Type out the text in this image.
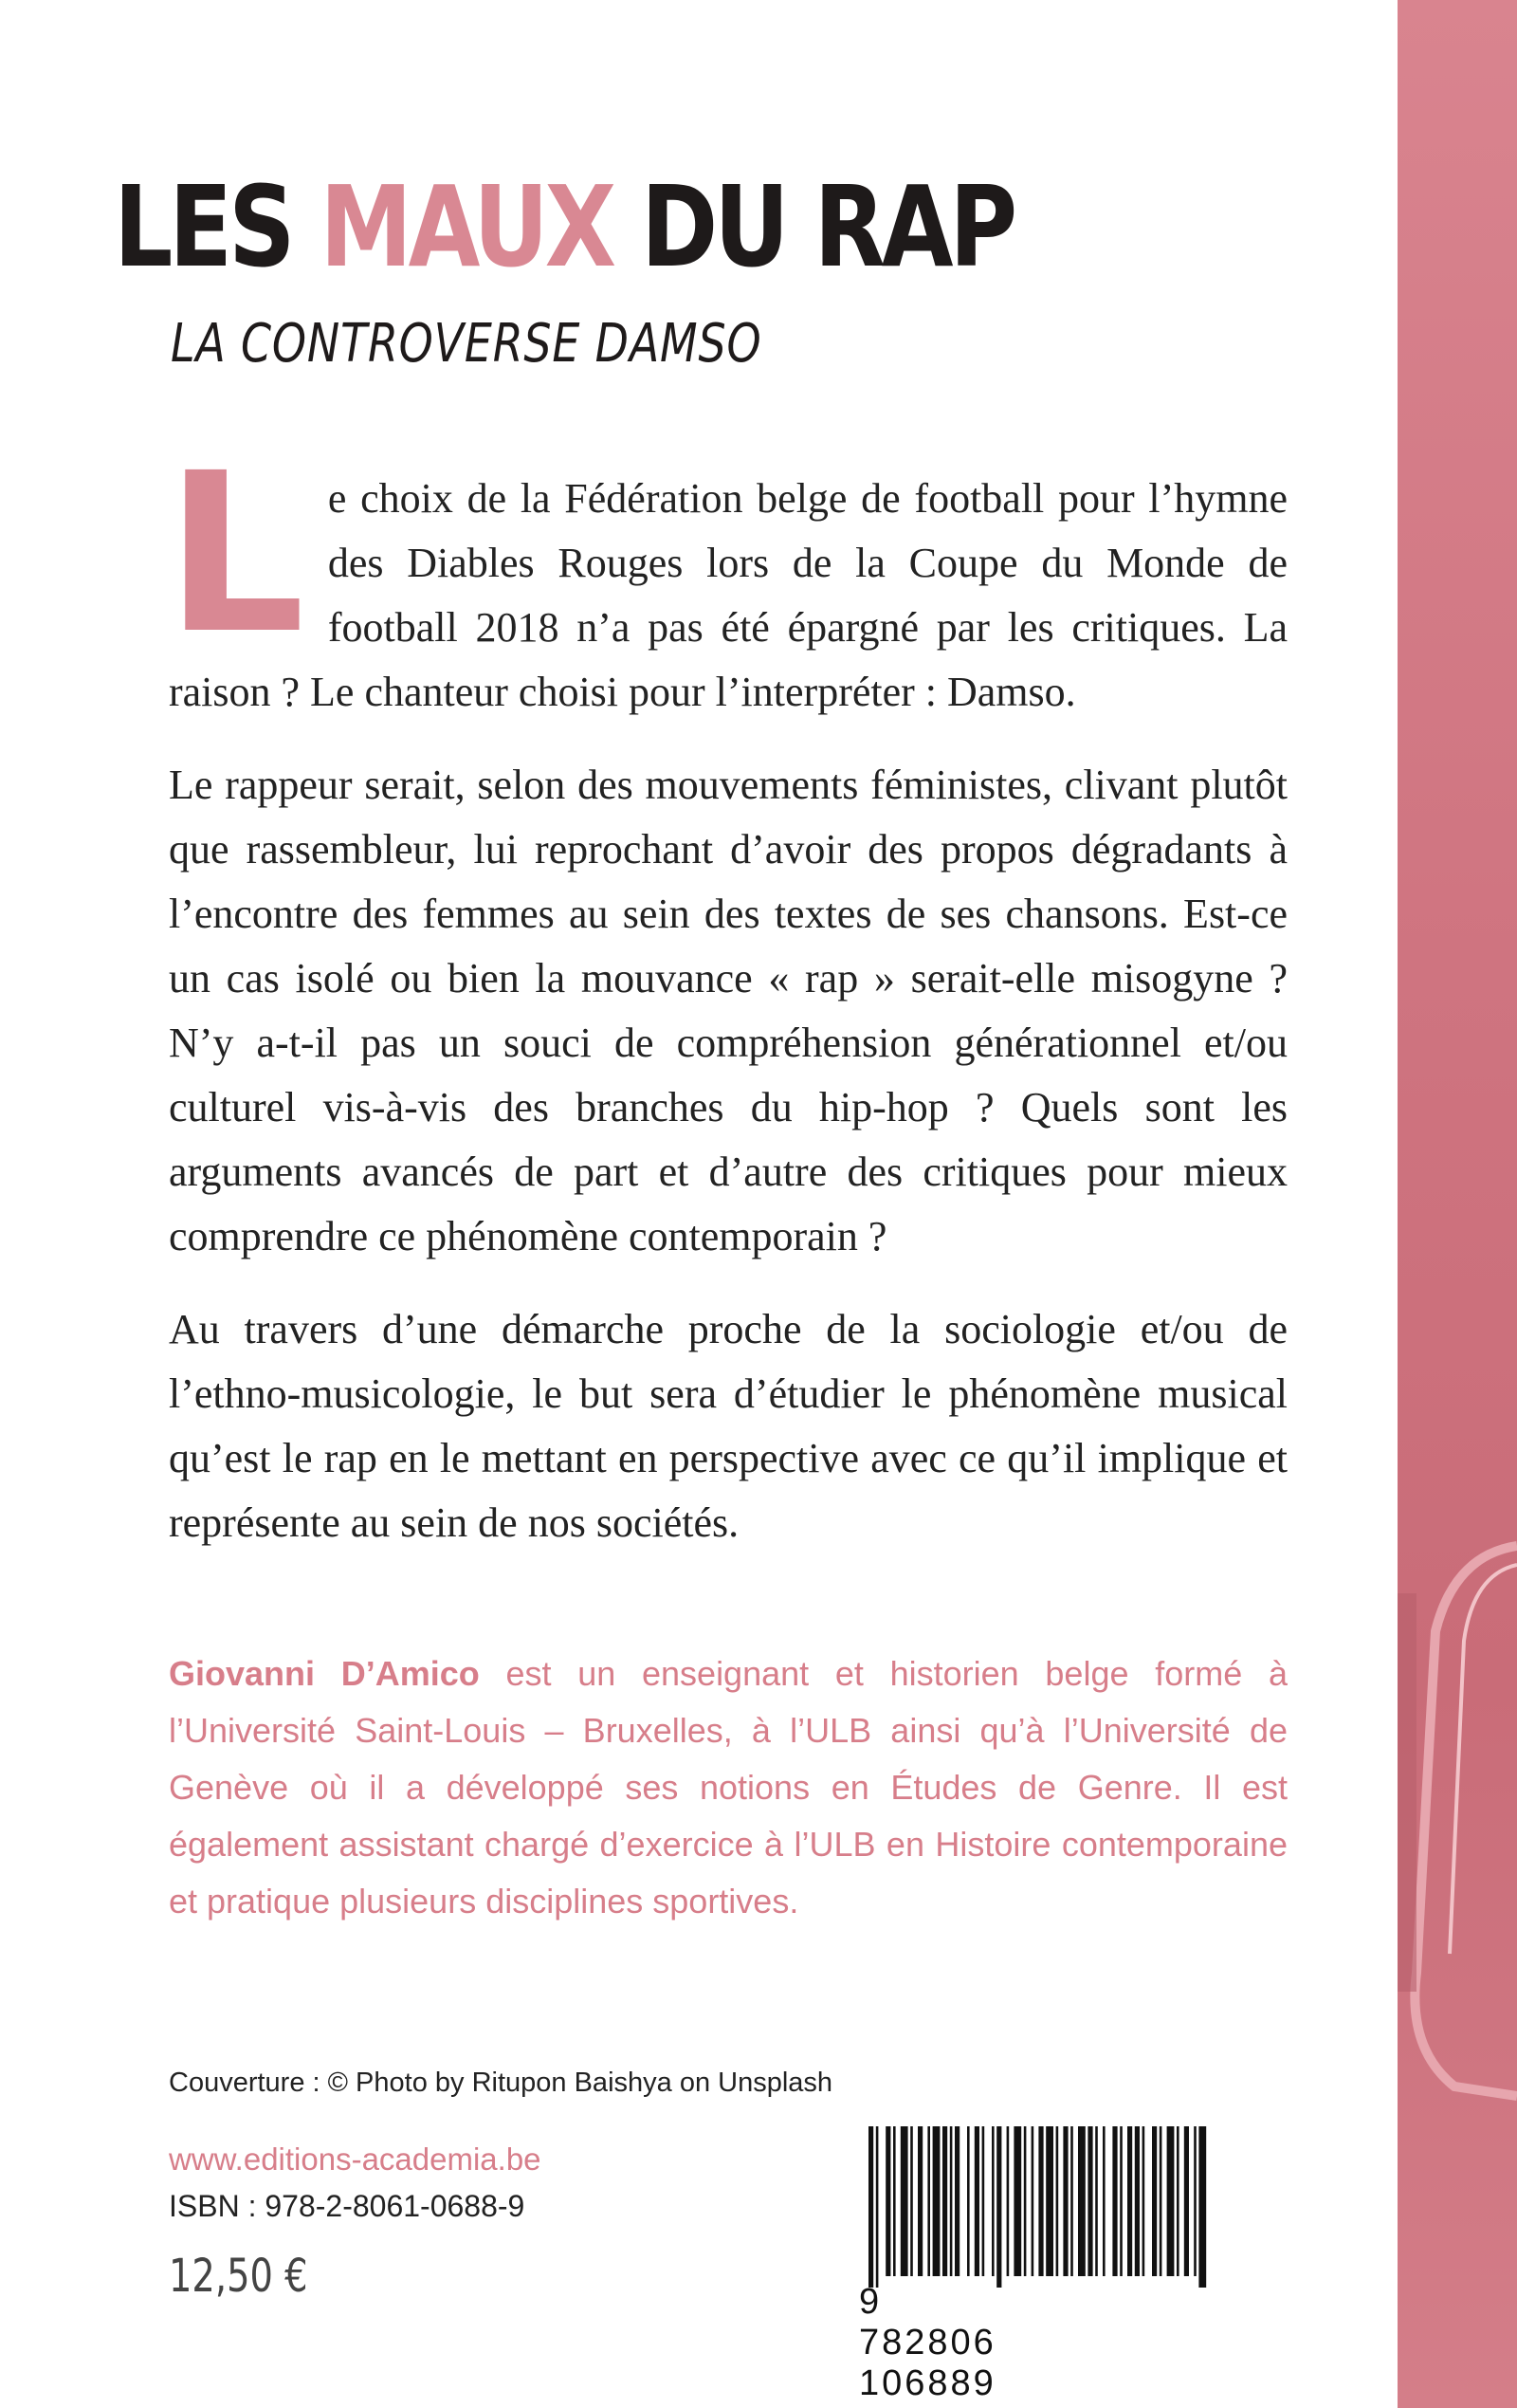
LES MAUX DU RAP
LA CONTROVERSE DAMSO

Le choix de la Fédération belge de football pour l’hymne des Diables Rouges lors de la Coupe du Monde de football 2018 n’a pas été épargné par les critiques. La raison ? Le chanteur choisi pour l’interpréter : Damso.

Le rappeur serait, selon des mouvements féministes, clivant plutôt que rassembleur, lui reprochant d’avoir des propos dégradants à l’encontre des femmes au sein des textes de ses chansons. Est-ce un cas isolé ou bien la mouvance « rap » serait-elle misogyne ? N’y a-t-il pas un souci de compréhension générationnel et/ou culturel vis-à-vis des branches du hip-hop ? Quels sont les arguments avancés de part et d’autre des critiques pour mieux comprendre ce phénomène contemporain ?

Au travers d’une démarche proche de la sociologie et/ou de l’ethno-musicologie, le but sera d’étudier le phénomène musical qu’est le rap en le mettant en perspective avec ce qu’il implique et représente au sein de nos sociétés.

Giovanni D’Amico est un enseignant et historien belge formé à l’Université Saint-Louis – Bruxelles, à l’ULB ainsi qu’à l’Université de Genève où il a développé ses notions en Études de Genre. Il est également assistant chargé d’exercice à l’ULB en Histoire contemporaine et pratique plusieurs disciplines sportives.
Couverture : © Photo by Ritupon Baishya on Unsplash
www.editions-academia.be
ISBN : 978-2-8061-0688-9
12,50 €	9 782806 106889
